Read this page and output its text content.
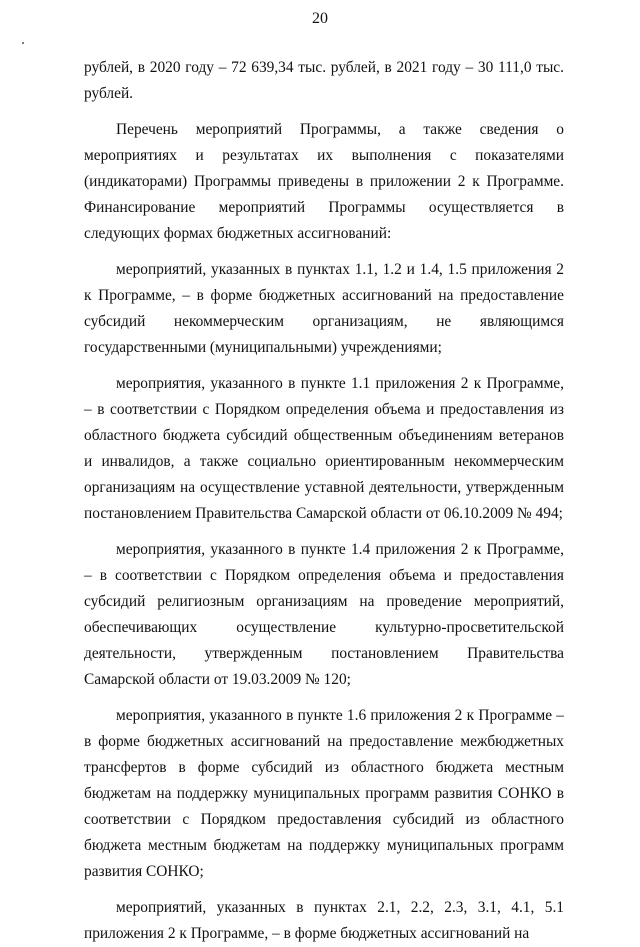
20

рублей, в 2020 году – 72 639,34 тыс. рублей, в 2021 году – 30 111,0 тыс. рублей.

Перечень мероприятий Программы, а также сведения о мероприятиях и результатах их выполнения с показателями (индикаторами) Программы приведены в приложении 2 к Программе. Финансирование мероприятий Программы осуществляется в следующих формах бюджетных ассигнований:

мероприятий, указанных в пунктах 1.1, 1.2 и 1.4, 1.5 приложения 2 к Программе, – в форме бюджетных ассигнований на предоставление субсидий некоммерческим организациям, не являющимся государственными (муниципальными) учреждениями;

мероприятия, указанного в пункте 1.1 приложения 2 к Программе, – в соответствии с Порядком определения объема и предоставления из областного бюджета субсидий общественным объединениям ветеранов и инвалидов, а также социально ориентированным некоммерческим организациям на осуществление уставной деятельности, утвержденным постановлением Правительства Самарской области от 06.10.2009 № 494;

мероприятия, указанного в пункте 1.4 приложения 2 к Программе, – в соответствии с Порядком определения объема и предоставления субсидий религиозным организациям на проведение мероприятий, обеспечивающих осуществление культурно-просветительской деятельности, утвержденным постановлением Правительства Самарской области от 19.03.2009 № 120;

мероприятия, указанного в пункте 1.6 приложения 2 к Программе – в форме бюджетных ассигнований на предоставление межбюджетных трансфертов в форме субсидий из областного бюджета местным бюджетам на поддержку муниципальных программ развития СОНКО в соответствии с Порядком предоставления субсидий из областного бюджета местным бюджетам на поддержку муниципальных программ развития СОНКО;

мероприятий, указанных в пунктах 2.1, 2.2, 2.3, 3.1, 4.1, 5.1 приложения 2 к Программе, – в форме бюджетных ассигнований на
